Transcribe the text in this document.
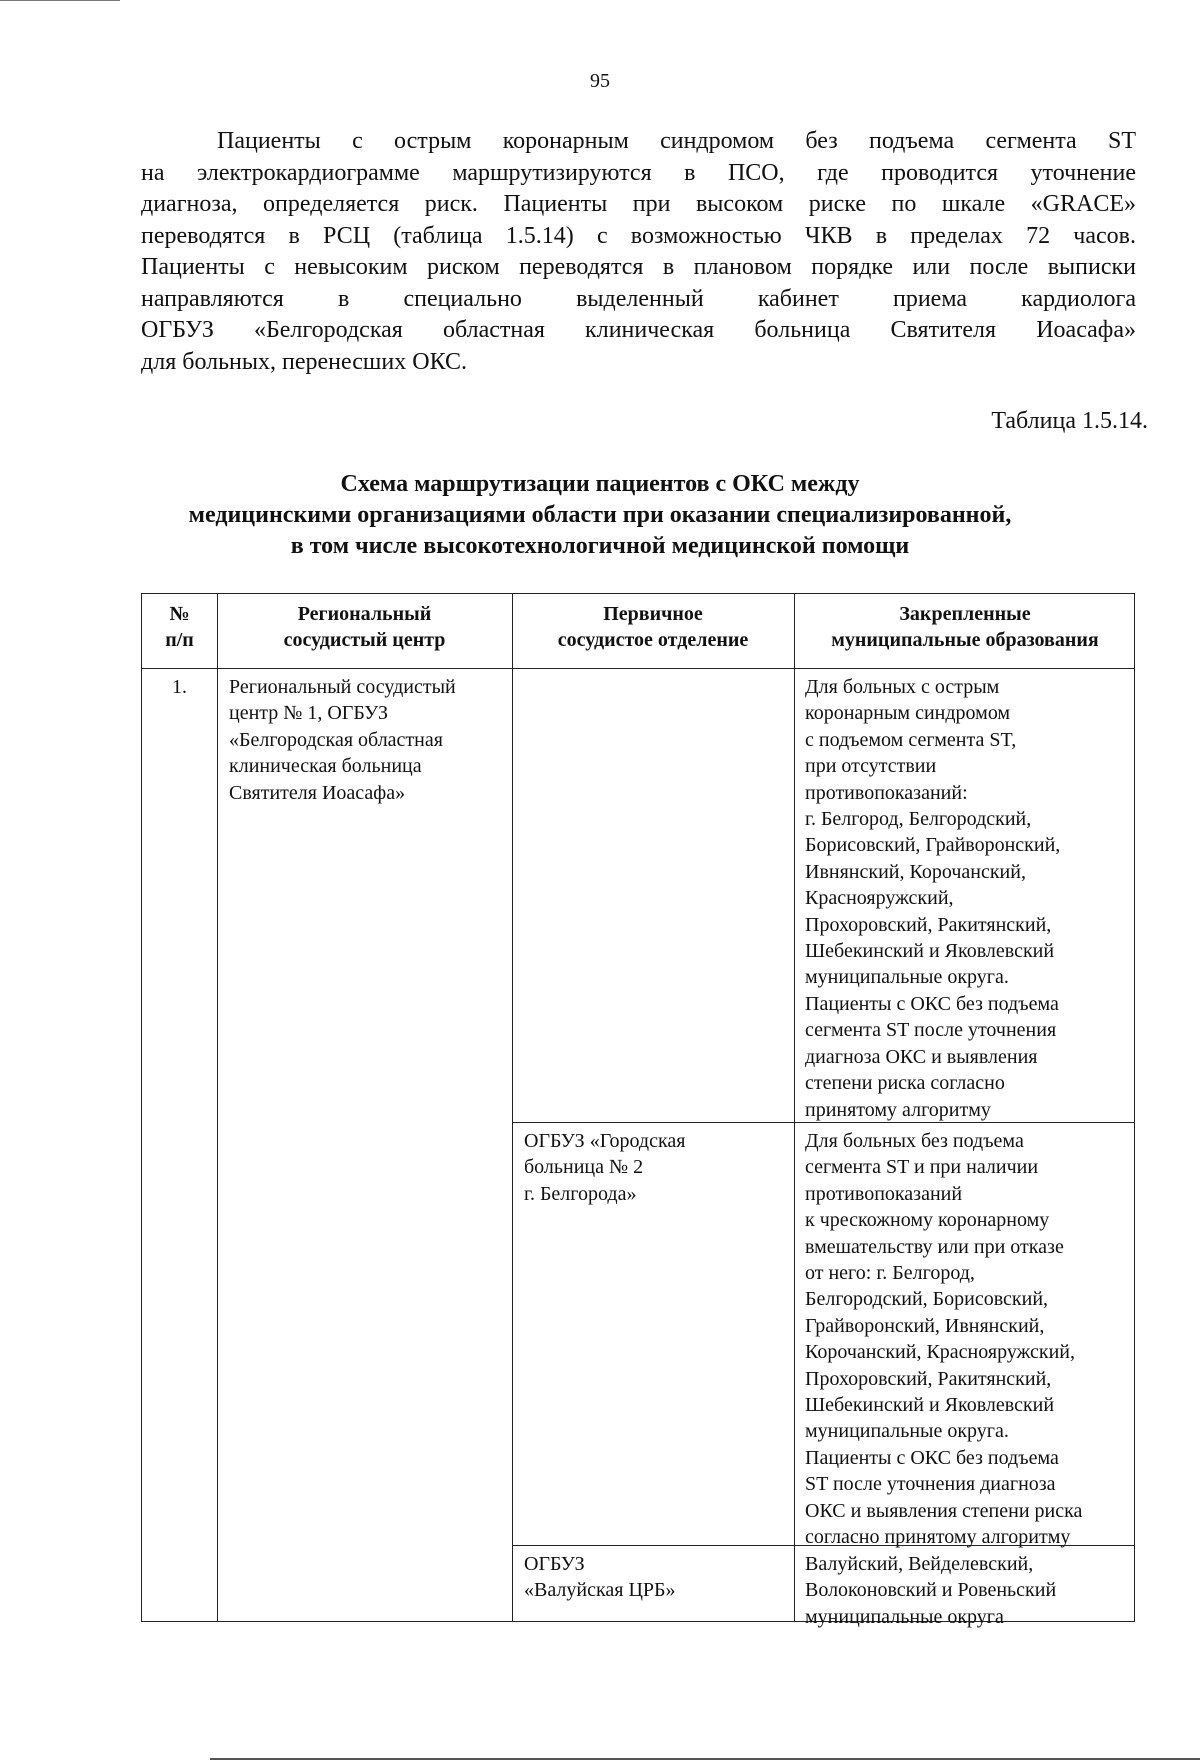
95
Пациенты с острым коронарным синдромом без подъема сегмента ST
на электрокардиограмме маршрутизируются в ПСО, где проводится уточнение
диагноза, определяется риск. Пациенты при высоком риске по шкале «GRACE»
переводятся в РСЦ (таблица 1.5.14) с возможностью ЧКВ в пределах 72 часов.
Пациенты с невысоким риском переводятся в плановом порядке или после выписки
направляются в специально выделенный кабинет приема кардиолога
ОГБУЗ «Белгородская областная клиническая больница Святителя Иоасафа»
для больных, перенесших ОКС.
Таблица 1.5.14.
Схема маршрутизации пациентов с ОКС между
медицинскими организациями области при оказании специализированной,
в том числе высокотехнологичной медицинской помощи
№
п/п
Региональный
сосудистый центр
Первичное
сосудистое отделение
Закрепленные
муниципальные образования
1.	Региональный сосудистый
центр № 1, ОГБУЗ
«Белгородская областная
клиническая больница
Святителя Иоасафа»
Для больных с острым
коронарным синдромом
с подъемом сегмента ST,
при отсутствии
противопоказаний:
г. Белгород, Белгородский,
Борисовский, Грайворонский,
Ивнянский, Корочанский,
Краснояружский,
Прохоровский, Ракитянский,
Шебекинский и Яковлевский
муниципальные округа.
Пациенты с ОКС без подъема
сегмента ST после уточнения
диагноза ОКС и выявления
степени риска согласно
принятому алгоритму
ОГБУЗ «Городская
больница № 2
г. Белгорода»
Для больных без подъема
сегмента ST и при наличии
противопоказаний
к чрескожному коронарному
вмешательству или при отказе
от него: г. Белгород,
Белгородский, Борисовский,
Грайворонский, Ивнянский,
Корочанский, Краснояружский,
Прохоровский, Ракитянский,
Шебекинский и Яковлевский
муниципальные округа.
Пациенты с ОКС без подъема
ST после уточнения диагноза
ОКС и выявления степени риска
согласно принятому алгоритму
ОГБУЗ
«Валуйская ЦРБ»
Валуйский, Вейделевский,
Волоконовский и Ровеньский
муниципальные округа
